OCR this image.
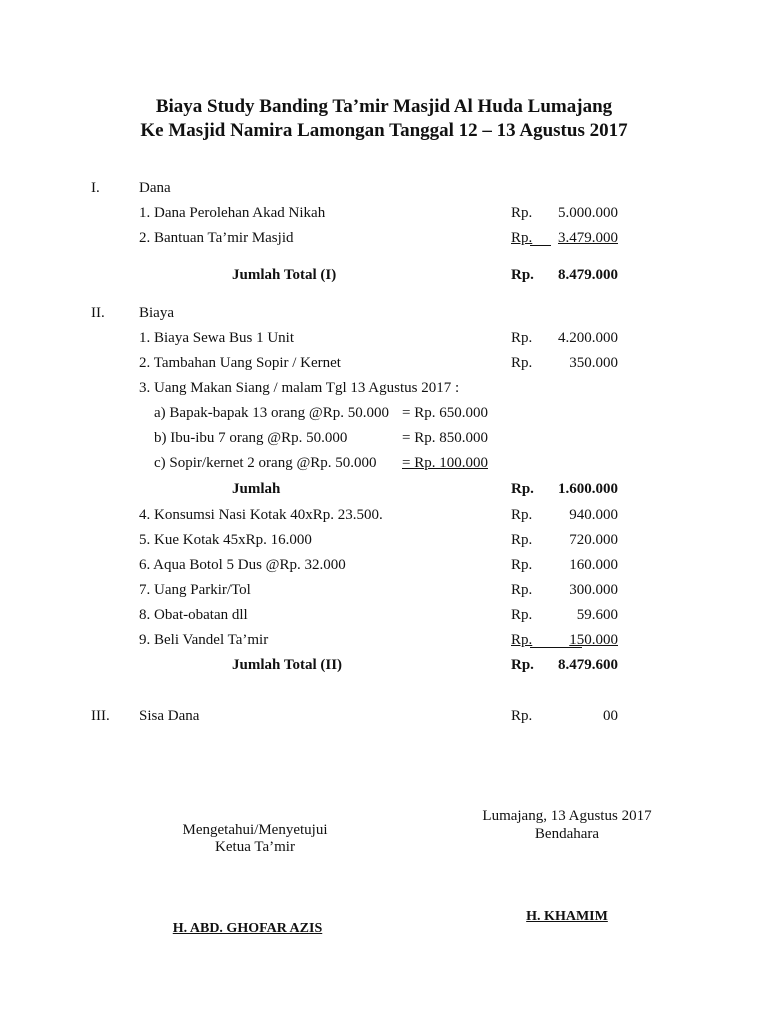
Biaya Study Banding Ta’mir Masjid Al Huda Lumajang
Ke Masjid Namira Lamongan Tanggal 12 – 13 Agustus 2017
I.	Dana
1. Dana Perolehan Akad Nikah	Rp. 5.000.000
2. Bantuan Ta’mir Masjid	Rp. 3.479.000
Jumlah Total (I)	Rp. 8.479.000
II. Biaya
1. Biaya Sewa Bus 1 Unit	Rp. 4.200.000
2. Tambahan Uang Sopir / Kernet	Rp. 350.000
3. Uang Makan Siang / malam Tgl 13 Agustus 2017 :
a) Bapak-bapak 13 orang @Rp. 50.000 = Rp. 650.000
b) Ibu-ibu 7 orang @Rp. 50.000	= Rp. 850.000
c) Sopir/kernet 2 orang @Rp. 50.000 = Rp. 100.000
Jumlah	Rp. 1.600.000
4. Konsumsi Nasi Kotak 40xRp. 23.500.	Rp. 940.000
5. Kue Kotak 45xRp. 16.000	Rp. 720.000
6. Aqua Botol 5 Dus @Rp. 32.000	Rp. 160.000
7. Uang Parkir/Tol	Rp. 300.000
8. Obat-obatan dll	Rp.	59.600
9. Beli Vandel Ta’mir	Rp. 150.000
Jumlah Total (II)	Rp. 8.479.600
III. Sisa Dana	Rp.	00
Mengetahui/Menyetujui
Ketua Ta’mir
H. ABD. GHOFAR AZIS
Lumajang, 13 Agustus 2017
Bendahara
H. KHAMIM
